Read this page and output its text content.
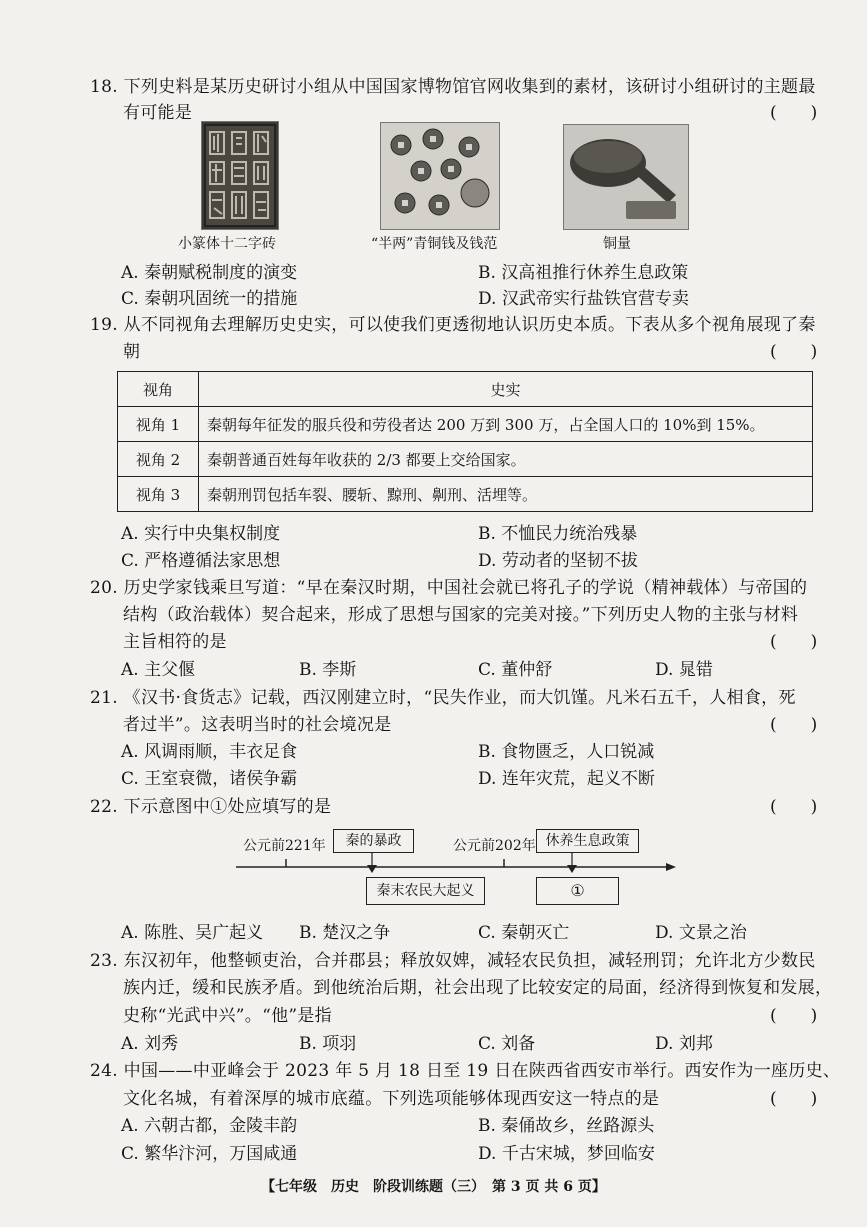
18. 下列史料是某历史研讨小组从中国国家博物馆官网收集到的素材，该研讨小组研讨的主题最
有可能是	(　　)
小篆体十二字砖	“半两”青铜钱及钱范	铜量
A. 秦朝赋税制度的演变	B. 汉高祖推行休养生息政策
C. 秦朝巩固统一的措施	D. 汉武帝实行盐铁官营专卖
19. 从不同视角去理解历史史实，可以使我们更透彻地认识历史本质。下表从多个视角展现了秦
朝	(　　)
视角	史实
视角 1	秦朝每年征发的服兵役和劳役者达 200 万到 300 万，占全国人口的 10%到 15%。
视角 2	秦朝普通百姓每年收获的 2/3 都要上交给国家。
视角 3	秦朝刑罚包括车裂、腰斩、黥刑、劓刑、活埋等。
A. 实行中央集权制度	B. 不恤民力统治残暴
C. 严格遵循法家思想	D. 劳动者的坚韧不拔
20. 历史学家钱乘旦写道：“早在秦汉时期，中国社会就已将孔子的学说（精神载体）与帝国的
结构（政治载体）契合起来，形成了思想与国家的完美对接。”下列历史人物的主张与材料
主旨相符的是	(　　)
A. 主父偃	B. 李斯	C. 董仲舒	D. 晁错
21. 《汉书·食货志》记载，西汉刚建立时，“民失作业，而大饥馑。凡米石五千，人相食，死
者过半”。这表明当时的社会境况是	(　　)
A. 风调雨顺，丰衣足食	B. 食物匮乏，人口锐减
C. 王室衰微，诸侯争霸	D. 连年灾荒，起义不断
22. 下示意图中①处应填写的是	(　　)
公元前221年	秦的暴政	公元前202年 休养生息政策
秦末农民大起义	①
A. 陈胜、吴广起义 B. 楚汉之争	C. 秦朝灭亡	D. 文景之治
23. 东汉初年，他整顿吏治，合并郡县；释放奴婢，减轻农民负担，减轻刑罚；允许北方少数民
族内迁，缓和民族矛盾。到他统治后期，社会出现了比较安定的局面，经济得到恢复和发展，
史称“光武中兴”。“他”是指	(　　)
A. 刘秀	B. 项羽	C. 刘备	D. 刘邦
24. 中国——中亚峰会于 2023 年 5 月 18 日至 19 日在陕西省西安市举行。西安作为一座历史、
文化名城，有着深厚的城市底蕴。下列选项能够体现西安这一特点的是	(　　)
A. 六朝古都，金陵丰韵	B. 秦俑故乡，丝路源头
C. 繁华汴河，万国咸通	D. 千古宋城，梦回临安
【七年级　历史　阶段训练题（三）　第 3 页 共 6 页】
